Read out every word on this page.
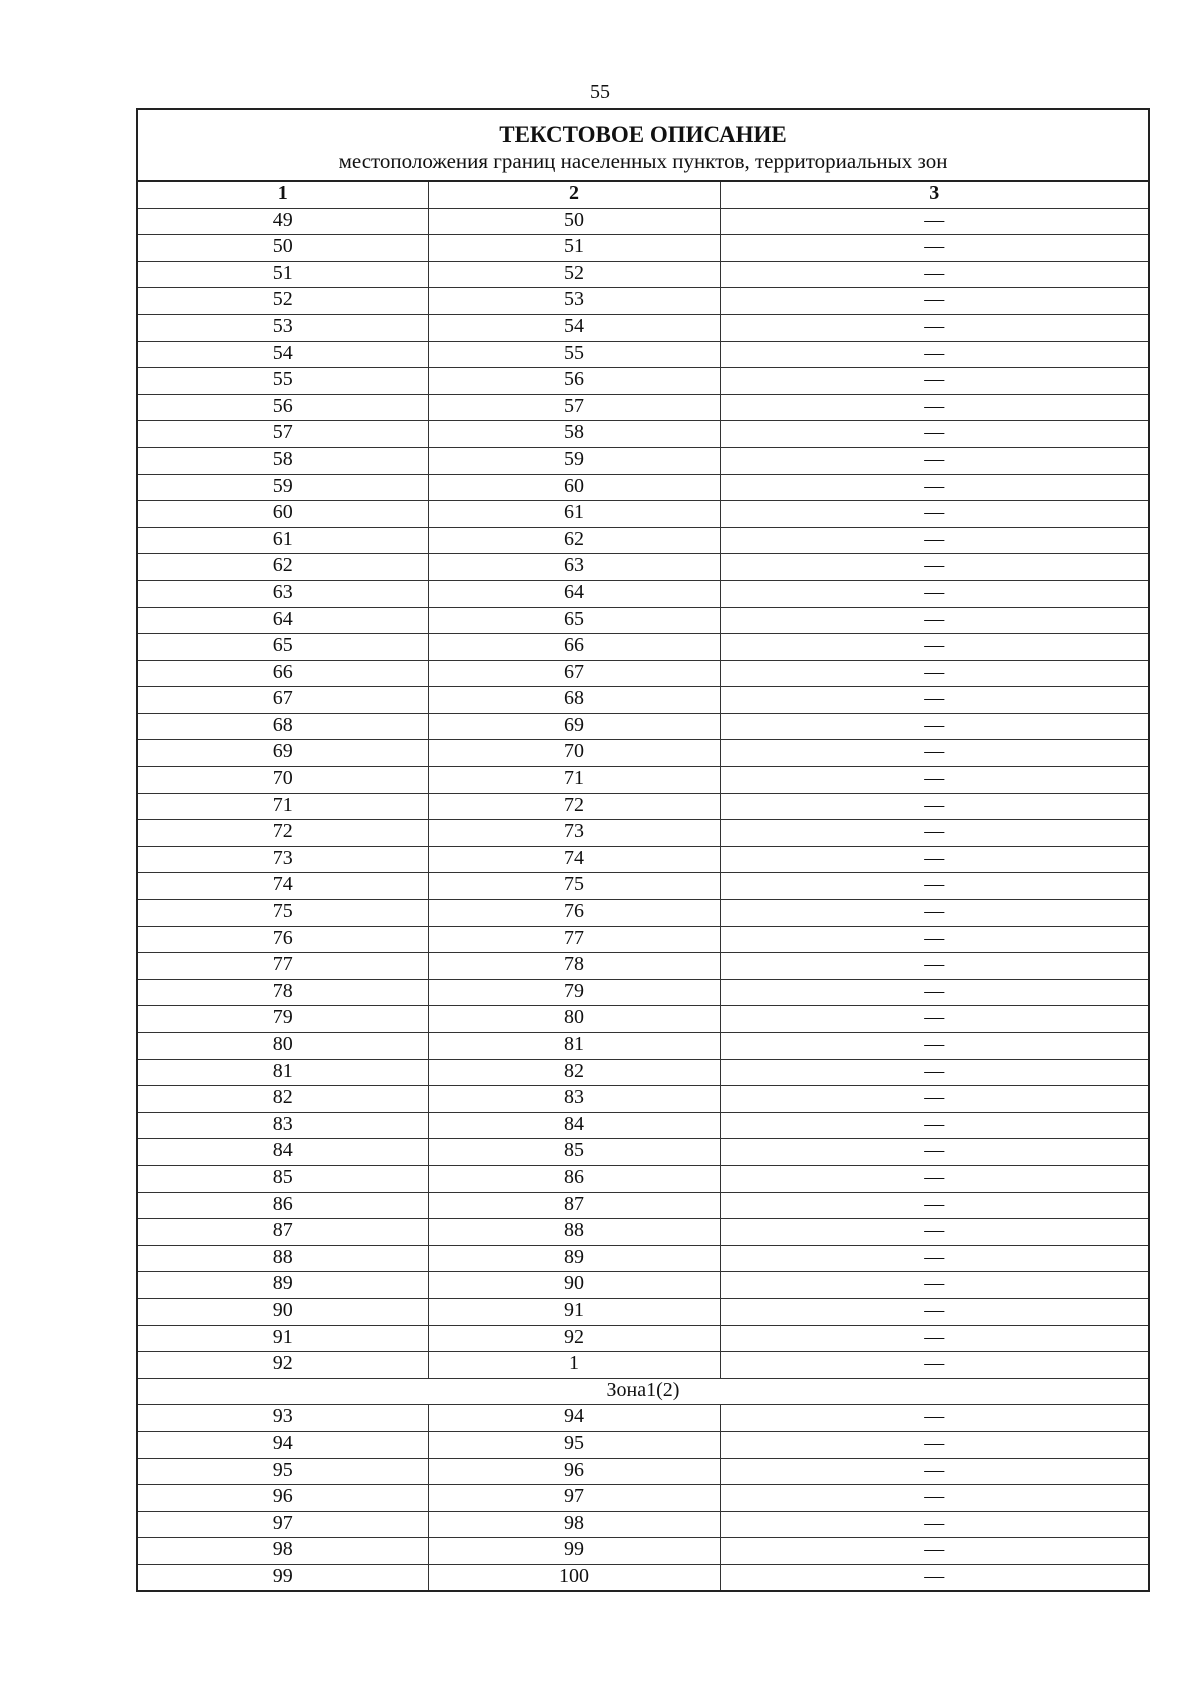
55
ТЕКСТОВОЕ ОПИСАНИЕ
местоположения границ населенных пунктов, территориальных зон
1	2	3
49	50	—
50	51	—
51	52	—
52	53	—
53	54	—
54	55	—
55	56	—
56	57	—
57	58	—
58	59	—
59	60	—
60	61	—
61	62	—
62	63	—
63	64	—
64	65	—
65	66	—
66	67	—
67	68	—
68	69	—
69	70	—
70	71	—
71	72	—
72	73	—
73	74	—
74	75	—
75	76	—
76	77	—
77	78	—
78	79	—
79	80	—
80	81	—
81	82	—
82	83	—
83	84	—
84	85	—
85	86	—
86	87	—
87	88	—
88	89	—
89	90	—
90	91	—
91	92	—
92	1	—
Зона1(2)		
93	94	—
94	95	—
95	96	—
96	97	—
97	98	—
98	99	—
99	100	—
